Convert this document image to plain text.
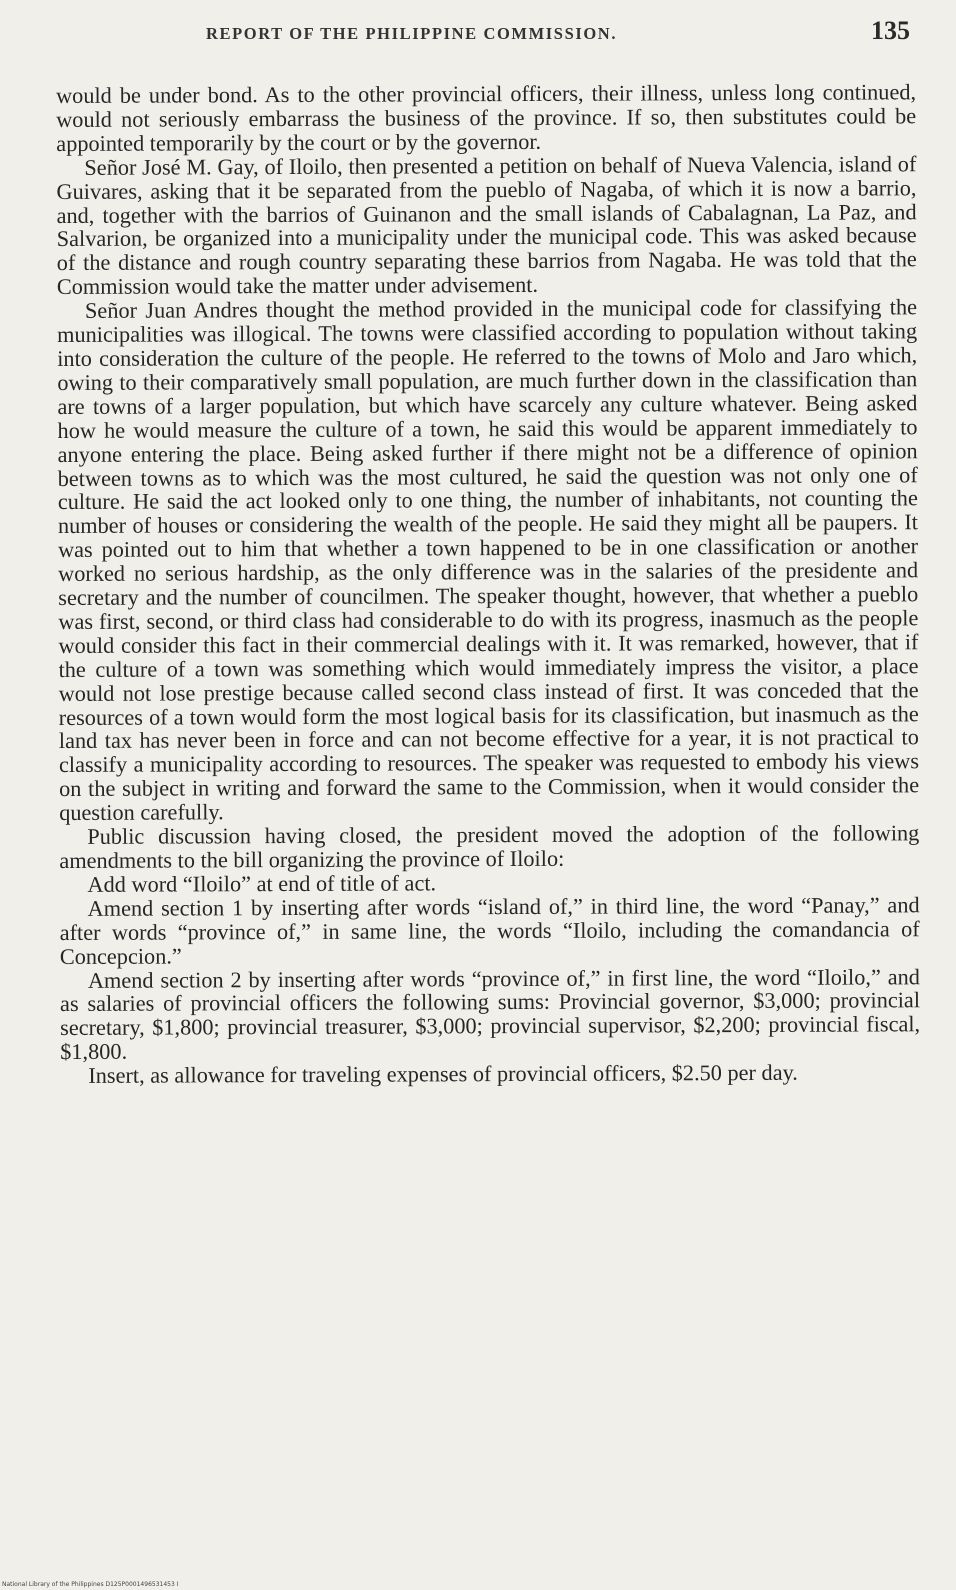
REPORT OF THE PHILIPPINE COMMISSION.	135

would be under bond. As to the other provincial officers, their illness, unless long continued, would not seriously embarrass the business of the province. If so, then substitutes could be appointed temporarily by the court or by the governor.

Señor José M. Gay, of Iloilo, then presented a petition on behalf of Nueva Valencia, island of Guivares, asking that it be separated from the pueblo of Nagaba, of which it is now a barrio, and, together with the barrios of Guinanon and the small islands of Cabalagnan, La Paz, and Salvarion, be organized into a municipality under the municipal code. This was asked because of the distance and rough country separating these barrios from Nagaba. He was told that the Commission would take the matter under advisement.

Señor Juan Andres thought the method provided in the municipal code for classifying the municipalities was illogical. The towns were classified according to population without taking into consideration the culture of the people. He referred to the towns of Molo and Jaro which, owing to their comparatively small population, are much further down in the classification than are towns of a larger population, but which have scarcely any culture whatever. Being asked how he would measure the culture of a town, he said this would be apparent immediately to anyone entering the place. Being asked further if there might not be a difference of opinion between towns as to which was the most cultured, he said the question was not only one of culture. He said the act looked only to one thing, the number of inhabitants, not counting the number of houses or considering the wealth of the people. He said they might all be paupers. It was pointed out to him that whether a town happened to be in one classification or another worked no serious hardship, as the only difference was in the salaries of the presidente and secretary and the number of councilmen. The speaker thought, however, that whether a pueblo was first, second, or third class had considerable to do with its progress, inasmuch as the people would consider this fact in their commercial dealings with it. It was remarked, however, that if the culture of a town was something which would immediately impress the visitor, a place would not lose prestige because called second class instead of first. It was conceded that the resources of a town would form the most logical basis for its classification, but inasmuch as the land tax has never been in force and can not become effective for a year, it is not practical to classify a municipality according to resources. The speaker was requested to embody his views on the subject in writing and forward the same to the Commission, when it would consider the question carefully.

Public discussion having closed, the president moved the adoption of the following amendments to the bill organizing the province of Iloilo:

Add word “Iloilo” at end of title of act.

Amend section 1 by inserting after words “island of,” in third line, the word “Panay,” and after words “province of,” in same line, the words “Iloilo, including the comandancia of Concepcion.”

Amend section 2 by inserting after words “province of,” in first line, the word “Iloilo,” and as salaries of provincial officers the following sums: Provincial governor, $3,000; provincial secretary, $1,800; provincial treasurer, $3,000; provincial supervisor, $2,200; provincial fiscal, $1,800.

Insert, as allowance for traveling expenses of provincial officers, $2.50 per day.

National Library of the Philippines D125P0001496531453 I
